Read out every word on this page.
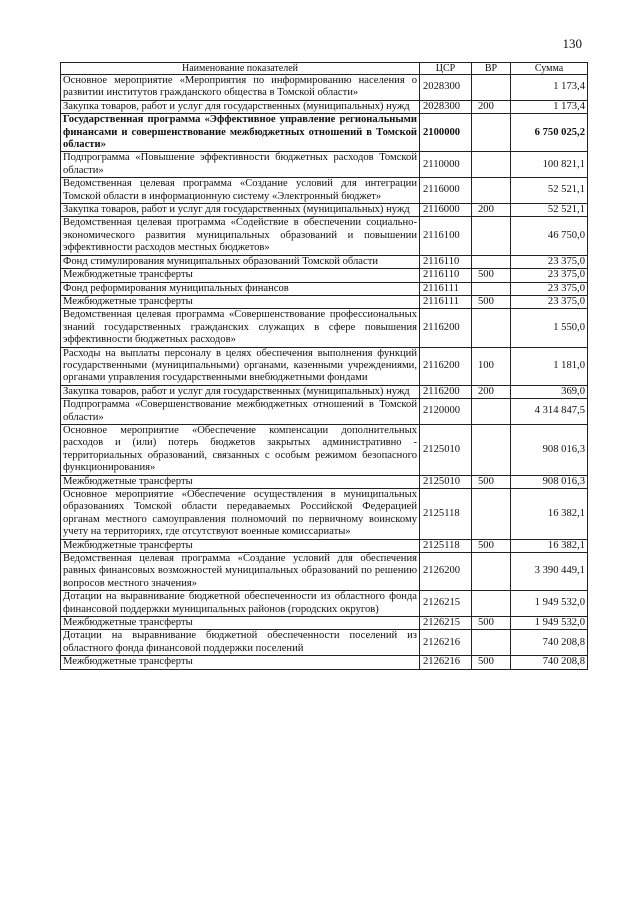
130
Наименование показателей	ЦСР	ВР	Сумма
Основное мероприятие «Мероприятия по информированию населения о развитии институтов гражданского общества в Томской области»	2028300		1 173,4
Закупка товаров, работ и услуг для государственных (муниципальных) нужд	2028300	200	1 173,4
Государственная программа «Эффективное управление региональными финансами и совершенствование межбюджетных отношений в Томской области»	2100000		6 750 025,2
Подпрограмма «Повышение эффективности бюджетных расходов Томской области»	2110000		100 821,1
Ведомственная целевая программа «Создание условий для интеграции Томской области в информационную систему «Электронный бюджет»	2116000		52 521,1
Закупка товаров, работ и услуг для государственных (муниципальных) нужд	2116000	200	52 521,1
Ведомственная целевая программа «Содействие в обеспечении социально-экономического развития муниципальных образований и повышении эффективности расходов местных бюджетов»	2116100		46 750,0
Фонд стимулирования муниципальных образований Томской области	2116110		23 375,0
Межбюджетные трансферты	2116110	500	23 375,0
Фонд реформирования муниципальных финансов	2116111		23 375,0
Межбюджетные трансферты	2116111	500	23 375,0
Ведомственная целевая программа «Совершенствование профессиональных знаний государственных гражданских служащих в сфере повышения эффективности бюджетных расходов»	2116200		1 550,0
Расходы на выплаты персоналу в целях обеспечения выполнения функций государственными (муниципальными) органами, казенными учреждениями, органами управления государственными внебюджетными фондами	2116200	100	1 181,0
Закупка товаров, работ и услуг для государственных (муниципальных) нужд	2116200	200	369,0
Подпрограмма «Совершенствование межбюджетных отношений в Томской области»	2120000		4 314 847,5
Основное мероприятие «Обеспечение компенсации дополнительных расходов и (или) потерь бюджетов закрытых административно - территориальных образований, связанных с особым режимом безопасного функционирования»	2125010		908 016,3
Межбюджетные трансферты	2125010	500	908 016,3
Основное мероприятие «Обеспечение осуществления в муниципальных образованиях Томской области передаваемых Российской Федерацией органам местного самоуправления полномочий по первичному воинскому учету на территориях, где отсутствуют военные комиссариаты»	2125118		16 382,1
Межбюджетные трансферты	2125118	500	16 382,1
Ведомственная целевая программа «Создание условий для обеспечения равных финансовых возможностей муниципальных образований по решению вопросов местного значения»	2126200		3 390 449,1
Дотации на выравнивание бюджетной обеспеченности из областного фонда финансовой поддержки муниципальных районов (городских округов)	2126215		1 949 532,0
Межбюджетные трансферты	2126215	500	1 949 532,0
Дотации на выравнивание бюджетной обеспеченности поселений из областного фонда финансовой поддержки поселений	2126216		740 208,8
Межбюджетные трансферты	2126216	500	740 208,8
